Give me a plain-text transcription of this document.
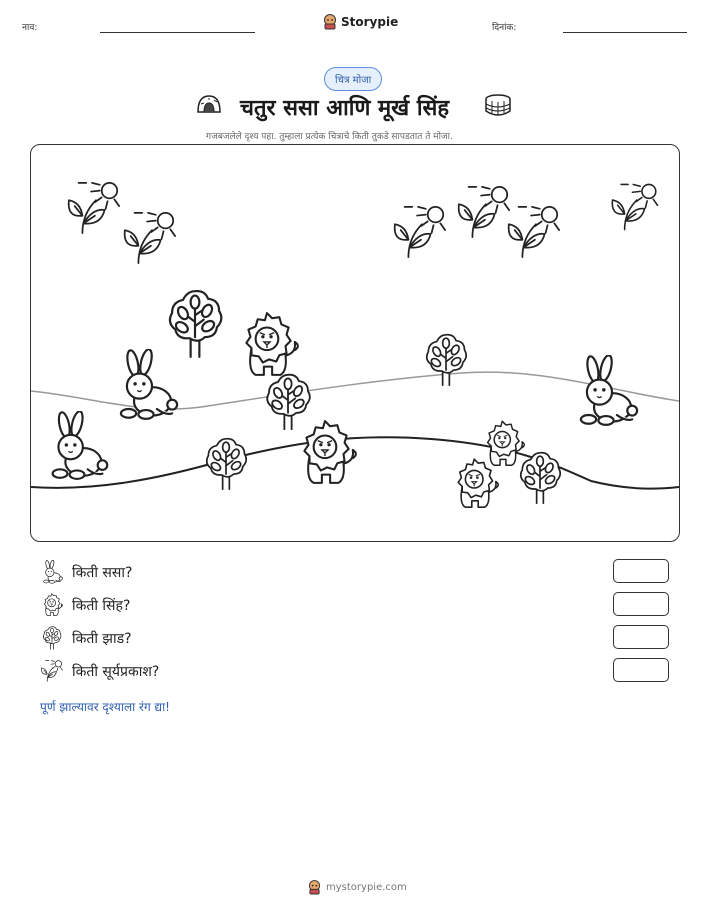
नाव:	Storypie	दिनांक:
चित्र मोजा
चतुर ससा आणि मूर्ख सिंह
गजबजलेले दृश्य पहा. तुम्हाला प्रत्येक चित्राचे किती तुकडे सापडतात ते मोजा.
किती ससा?
किती सिंह?
किती झाड?
किती सूर्यप्रकाश?
पूर्ण झाल्यावर दृश्याला रंग द्या!
mystorypie.com
